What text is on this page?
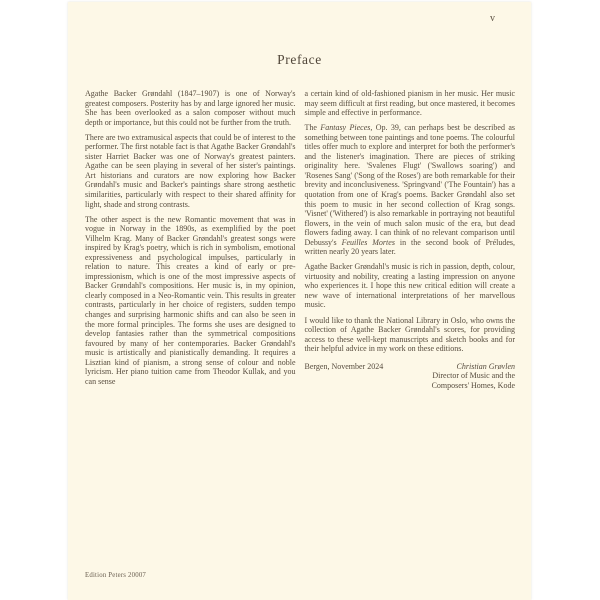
v
Preface

Agathe Backer Grøndahl (1847–1907) is one of Norway's greatest composers. Posterity has by and large ignored her music. She has been overlooked as a salon composer without much depth or importance, but this could not be further from the truth.

There are two extramusical aspects that could be of interest to the performer. The first notable fact is that Agathe Backer Grøndahl's sister Harriet Backer was one of Norway's greatest painters. Agathe can be seen playing in several of her sister's paintings. Art historians and curators are now exploring how Backer Grøndahl's music and Backer's paintings share strong aesthetic similarities, particularly with respect to their shared affinity for light, shade and strong contrasts.

The other aspect is the new Romantic movement that was in vogue in Norway in the 1890s, as exemplified by the poet Vilhelm Krag. Many of Backer Grøndahl's greatest songs were inspired by Krag's poetry, which is rich in symbolism, emotional expressiveness and psychological impulses, particularly in relation to nature. This creates a kind of early or pre-impressionism, which is one of the most impressive aspects of Backer Grøndahl's compositions. Her music is, in my opinion, clearly composed in a Neo-Romantic vein. This results in greater contrasts, particularly in her choice of registers, sudden tempo changes and surprising harmonic shifts and can also be seen in the more formal principles. The forms she uses are designed to develop fantasies rather than the symmetrical compositions favoured by many of her contemporaries. Backer Grøndahl's music is artistically and pianistically demanding. It requires a Lisztian kind of pianism, a strong sense of colour and noble lyricism. Her piano tuition came from Theodor Kullak, and you can sense

a certain kind of old-fashioned pianism in her music. Her music may seem difficult at first reading, but once mastered, it becomes simple and effective in performance.

The Fantasy Pieces, Op. 39, can perhaps best be described as something between tone paintings and tone poems. The colourful titles offer much to explore and interpret for both the performer's and the listener's imagination. There are pieces of striking originality here. 'Svalenes Flugt' ('Swallows soaring') and 'Rosenes Sang' ('Song of the Roses') are both remarkable for their brevity and inconclusiveness. 'Springvand' ('The Fountain') has a quotation from one of Krag's poems. Backer Grøndahl also set this poem to music in her second collection of Krag songs. 'Visnet' ('Withered') is also remarkable in portraying not beautiful flowers, in the vein of much salon music of the era, but dead flowers fading away. I can think of no relevant comparison until Debussy's Feuilles Mortes in the second book of Préludes, written nearly 20 years later.

Agathe Backer Grøndahl's music is rich in passion, depth, colour, virtuosity and nobility, creating a lasting impression on anyone who experiences it. I hope this new critical edition will create a new wave of international interpretations of her marvellous music.

I would like to thank the National Library in Oslo, who owns the collection of Agathe Backer Grøndahl's scores, for providing access to these well-kept manuscripts and sketch books and for their helpful advice in my work on these editions.

Bergen, November 2024	Christian Grøvlen
Director of Music and the
Composers' Homes, Kode
Edition Peters 20007
